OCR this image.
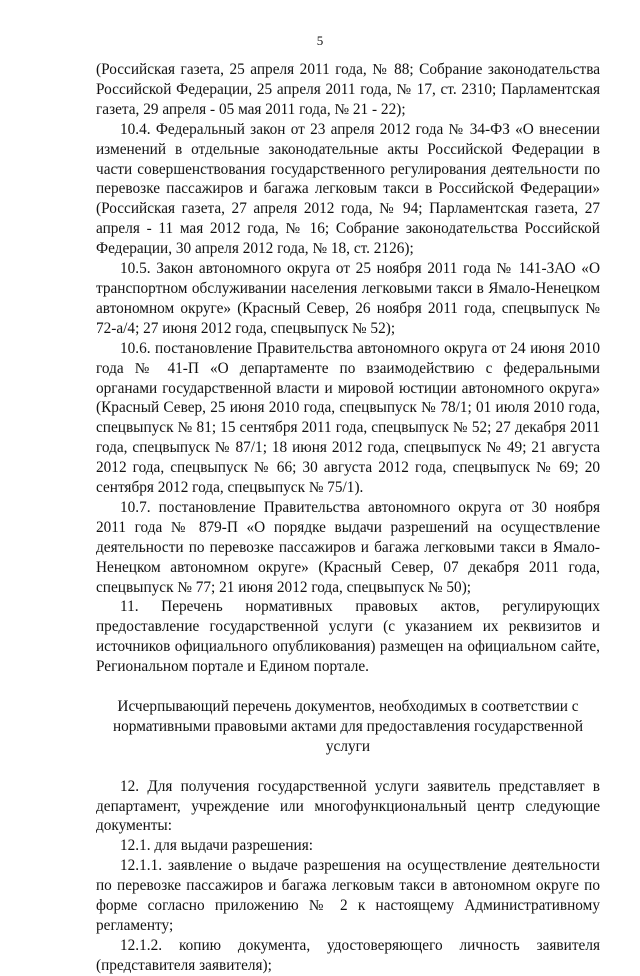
5

(Российская газета, 25 апреля 2011 года, № 88; Собрание законодательства Российской Федерации, 25 апреля 2011 года, № 17, ст. 2310; Парламентская газета, 29 апреля - 05 мая 2011 года, № 21 - 22);

10.4. Федеральный закон от 23 апреля 2012 года № 34-ФЗ «О внесении изменений в отдельные законодательные акты Российской Федерации в части совершенствования государственного регулирования деятельности по перевозке пассажиров и багажа легковым такси в Российской Федерации» (Российская газета, 27 апреля 2012 года, № 94; Парламентская газета, 27 апреля - 11 мая 2012 года, № 16; Собрание законодательства Российской Федерации, 30 апреля 2012 года, № 18, ст. 2126);

10.5. Закон автономного округа от 25 ноября 2011 года № 141-ЗАО «О транспортном обслуживании населения легковыми такси в Ямало-Ненецком автономном округе» (Красный Север, 26 ноября 2011 года, спецвыпуск № 72-а/4; 27 июня 2012 года, спецвыпуск № 52);

10.6. постановление Правительства автономного округа от 24 июня 2010 года № 41-П «О департаменте по взаимодействию с федеральными органами государственной власти и мировой юстиции автономного округа» (Красный Север, 25 июня 2010 года, спецвыпуск № 78/1; 01 июля 2010 года, спецвыпуск № 81; 15 сентября 2011 года, спецвыпуск № 52; 27 декабря 2011 года, спецвыпуск № 87/1; 18 июня 2012 года, спецвыпуск № 49; 21 августа 2012 года, спецвыпуск № 66; 30 августа 2012 года, спецвыпуск № 69; 20 сентября 2012 года, спецвыпуск № 75/1).

10.7. постановление Правительства автономного округа от 30 ноября 2011 года № 879-П «О порядке выдачи разрешений на осуществление деятельности по перевозке пассажиров и багажа легковыми такси в Ямало-Ненецком автономном округе» (Красный Север, 07 декабря 2011 года, спецвыпуск № 77; 21 июня 2012 года, спецвыпуск № 50);

11. Перечень нормативных правовых актов, регулирующих предоставление государственной услуги (с указанием их реквизитов и источников официального опубликования) размещен на официальном сайте, Региональном портале и Едином портале.

Исчерпывающий перечень документов, необходимых в соответствии с нормативными правовыми актами для предоставления государственной услуги

12. Для получения государственной услуги заявитель представляет в департамент, учреждение или многофункциональный центр следующие документы:

12.1. для выдачи разрешения:

12.1.1. заявление о выдаче разрешения на осуществление деятельности по перевозке пассажиров и багажа легковым такси в автономном округе по форме согласно приложению № 2 к настоящему Административному регламенту;

12.1.2. копию документа, удостоверяющего личность заявителя (представителя заявителя);
